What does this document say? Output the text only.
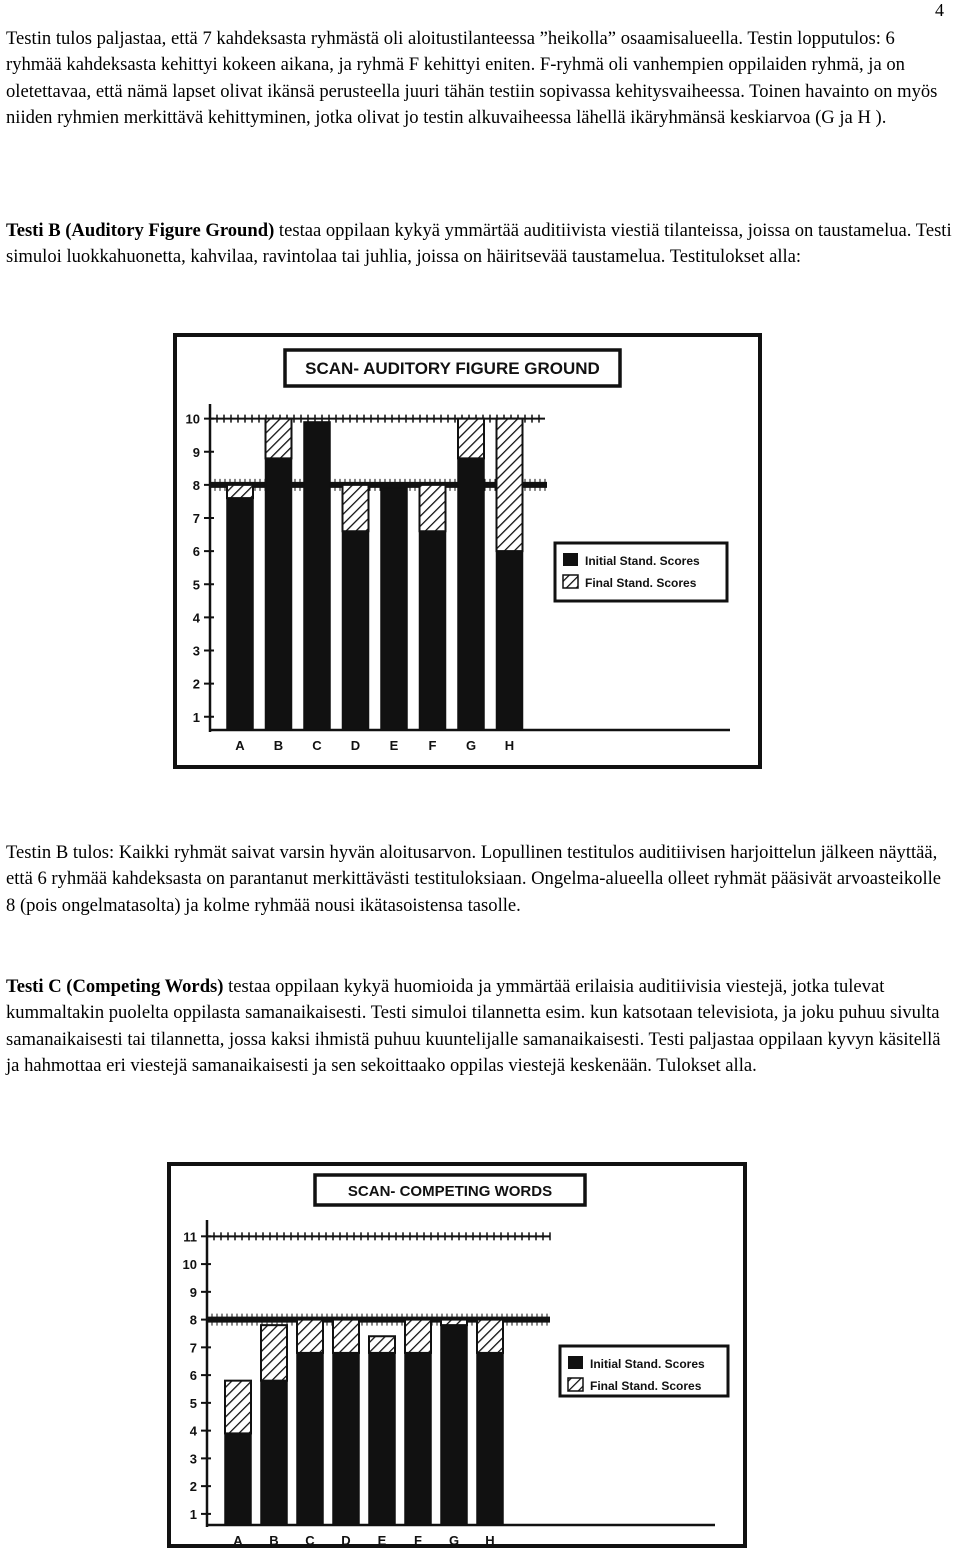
4

Testin tulos paljastaa, että 7 kahdeksasta ryhmästä oli aloitustilanteessa ”heikolla” osaamisalueella. Testin lopputulos: 6 ryhmää kahdeksasta kehittyi kokeen aikana, ja ryhmä F kehittyi eniten. F-ryhmä oli vanhempien oppilaiden ryhmä, ja on oletettavaa, että nämä lapset olivat ikänsä perusteella juuri tähän testiin sopivassa kehitysvaiheessa. Toinen havainto on myös niiden ryhmien merkittävä kehittyminen, jotka olivat jo testin alkuvaiheessa lähellä ikäryhmänsä keskiarvoa (G ja H ).

Testi B (Auditory Figure Ground) testaa oppilaan kykyä ymmärtää auditiivista viestiä tilanteissa, joissa on taustamelua. Testi simuloi luokkahuonetta, kahvilaa, ravintolaa tai juhlia, joissa on häiritsevää taustamelua. Testitulokset alla:

SCAN- AUDITORY FIGURE GROUND
1
2
3
4
5
6
7
8
9
10
A B C D E F G H
Initial Stand. Scores
Final Stand. Scores

Testin B tulos: Kaikki ryhmät saivat varsin hyvän aloitusarvon. Lopullinen testitulos auditiivisen harjoittelun jälkeen näyttää, että 6 ryhmää kahdeksasta on parantanut merkittävästi testituloksiaan. Ongelma-alueella olleet ryhmät pääsivät arvoasteikolle 8 (pois ongelmatasolta) ja kolme ryhmää nousi ikätasoistensa tasolle.

Testi C (Competing Words) testaa oppilaan kykyä huomioida ja ymmärtää erilaisia auditiivisia viestejä, jotka tulevat kummaltakin puolelta oppilasta samanaikaisesti. Testi simuloi tilannetta esim. kun katsotaan televisiota, ja joku puhuu sivulta samanaikaisesti tai tilannetta, jossa kaksi ihmistä puhuu kuuntelijalle samanaikaisesti. Testi paljastaa oppilaan kyvyn käsitellä ja hahmottaa eri viestejä samanaikaisesti ja sen sekoittaako oppilas viestejä keskenään. Tulokset alla.

SCAN- COMPETING WORDS
1
2
3
4
5
6
7
8
9
10
11
A B C D E F G H
Initial Stand. Scores
Final Stand. Scores
